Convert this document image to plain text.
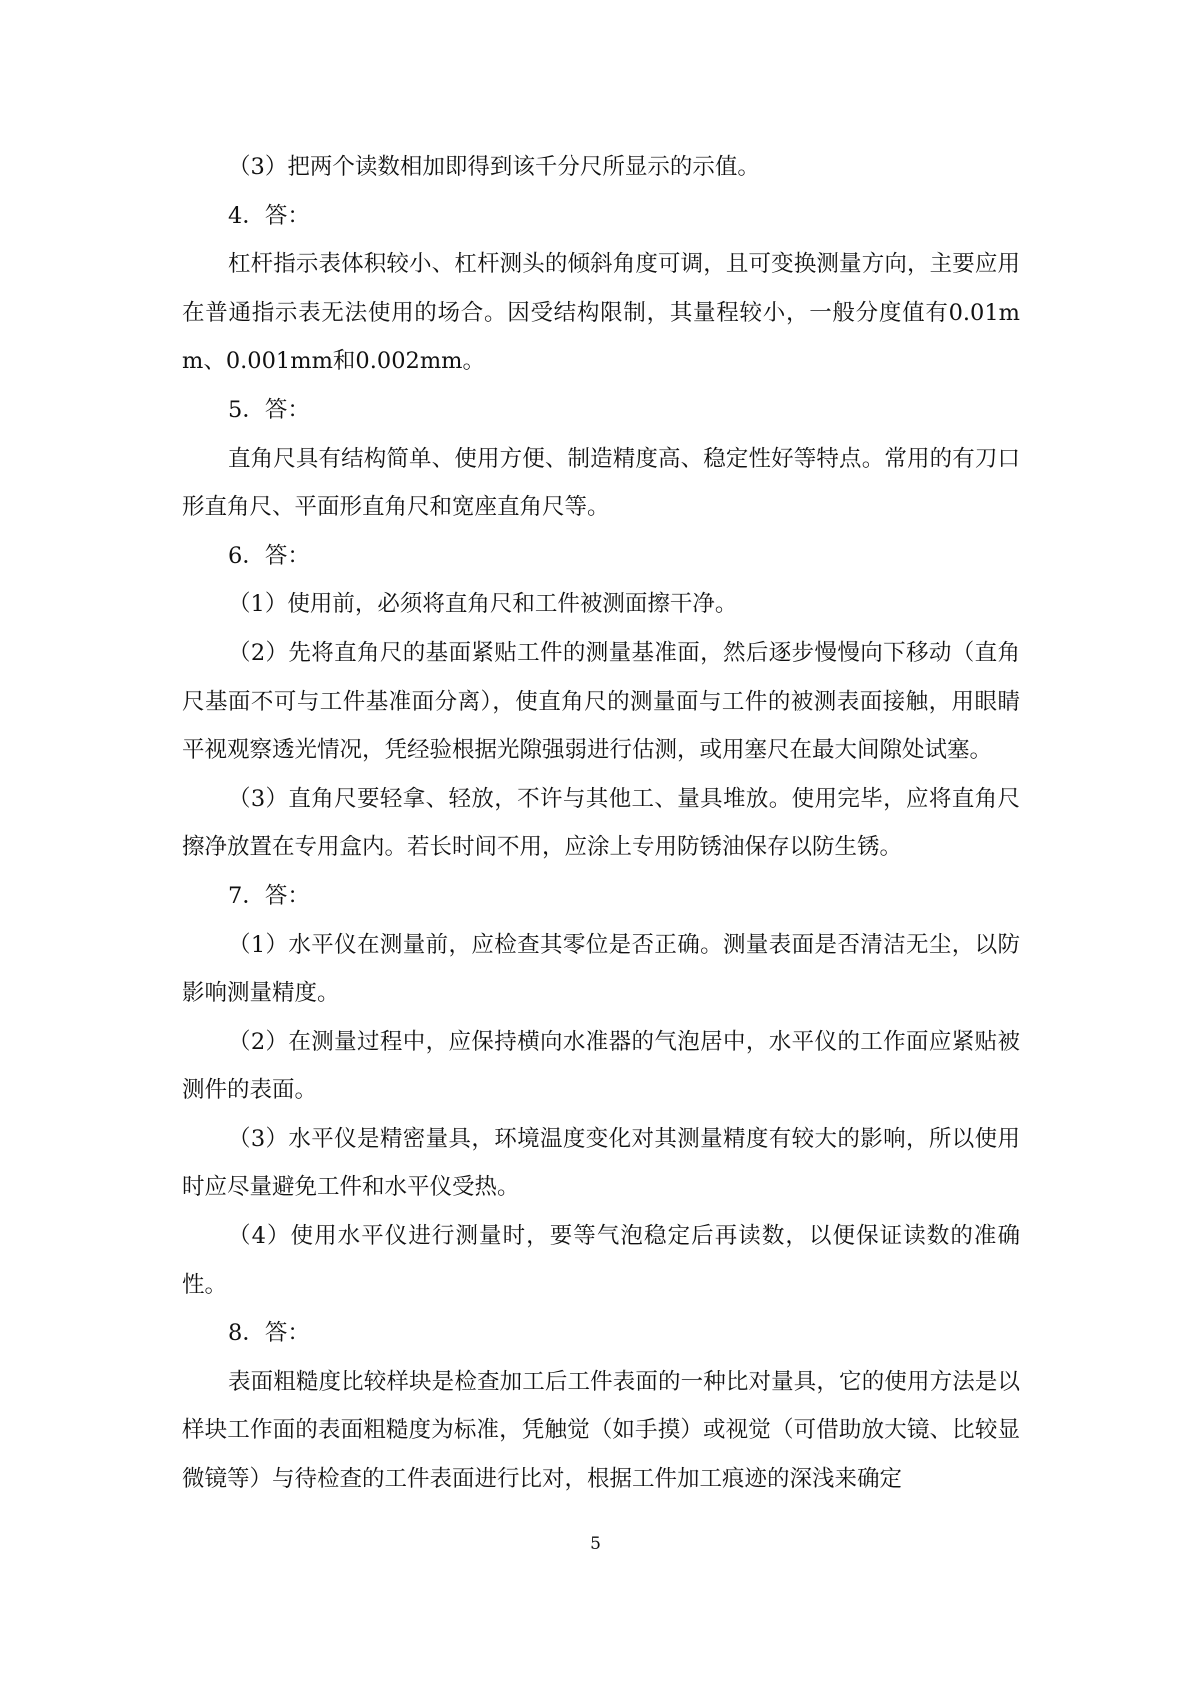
（3）把两个读数相加即得到该千分尺所显示的示值。

4．答：

杠杆指示表体积较小、杠杆测头的倾斜角度可调，且可变换测量方向，主要应用在普通指示表无法使用的场合。因受结构限制，其量程较小，一般分度值有0.01mm、0.001mm和0.002mm。

5．答：

直角尺具有结构简单、使用方便、制造精度高、稳定性好等特点。常用的有刀口形直角尺、平面形直角尺和宽座直角尺等。

6．答：

（1）使用前，必须将直角尺和工件被测面擦干净。

（2）先将直角尺的基面紧贴工件的测量基准面，然后逐步慢慢向下移动（直角尺基面不可与工件基准面分离），使直角尺的测量面与工件的被测表面接触，用眼睛平视观察透光情况，凭经验根据光隙强弱进行估测，或用塞尺在最大间隙处试塞。

（3）直角尺要轻拿、轻放，不许与其他工、量具堆放。使用完毕，应将直角尺擦净放置在专用盒内。若长时间不用，应涂上专用防锈油保存以防生锈。

7．答：

（1）水平仪在测量前，应检查其零位是否正确。测量表面是否清洁无尘，以防影响测量精度。

（2）在测量过程中，应保持横向水准器的气泡居中，水平仪的工作面应紧贴被测件的表面。

（3）水平仪是精密量具，环境温度变化对其测量精度有较大的影响，所以使用时应尽量避免工件和水平仪受热。

（4）使用水平仪进行测量时，要等气泡稳定后再读数，以便保证读数的准确性。

8．答：

表面粗糙度比较样块是检查加工后工件表面的一种比对量具，它的使用方法是以样块工作面的表面粗糙度为标准，凭触觉（如手摸）或视觉（可借助放大镜、比较显微镜等）与待检查的工件表面进行比对，根据工件加工痕迹的深浅来确定

5
